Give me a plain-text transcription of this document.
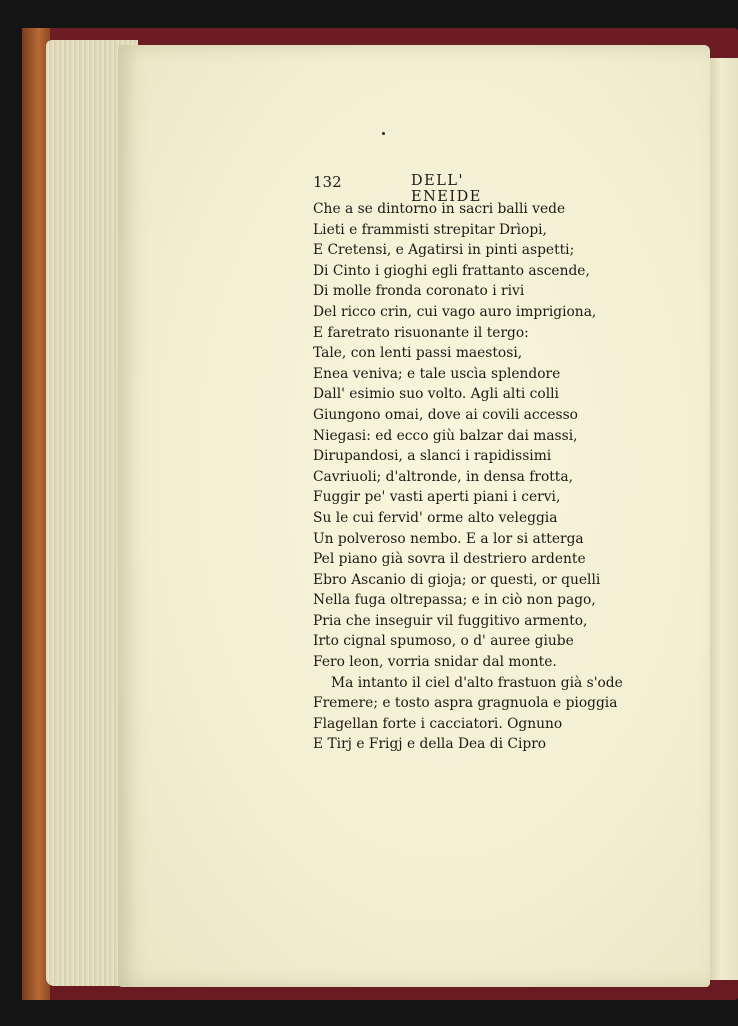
132	DELL' ENEIDE
Che a se dintorno in sacri balli vede
Lieti e frammisti strepitar Drìopi,
E Cretensi, e Agatirsi in pinti aspetti;
Di Cinto i gioghi egli frattanto ascende,
Di molle fronda coronato i rivi
Del ricco crin, cui vago auro imprigiona,
E faretrato risuonante il tergo:
Tale, con lenti passi maestosi,
Enea veniva; e tale uscìa splendore
Dall' esimio suo volto. Agli alti colli
Giungono omai, dove ai covili accesso
Niegasi: ed ecco giù balzar dai massi,
Dirupandosi, a slanci i rapidissimi
Cavriuoli; d'altronde, in densa frotta,
Fuggir pe' vasti aperti piani i cervi,
Su le cui fervid' orme alto veleggia
Un polveroso nembo. E a lor si atterga
Pel piano già sovra il destriero ardente
Ebro Ascanio di gioja; or questi, or quelli
Nella fuga oltrepassa; e in ciò non pago,
Pria che inseguir vil fuggitivo armento,
Irto cignal spumoso, o d' auree giube
Fero leon, vorria snidar dal monte.
Ma intanto il ciel d'alto frastuon già s'ode
Fremere; e tosto aspra gragnuola e pioggia
Flagellan forte i cacciatori. Ognuno
E Tirj e Frigj e della Dea di Cipro
